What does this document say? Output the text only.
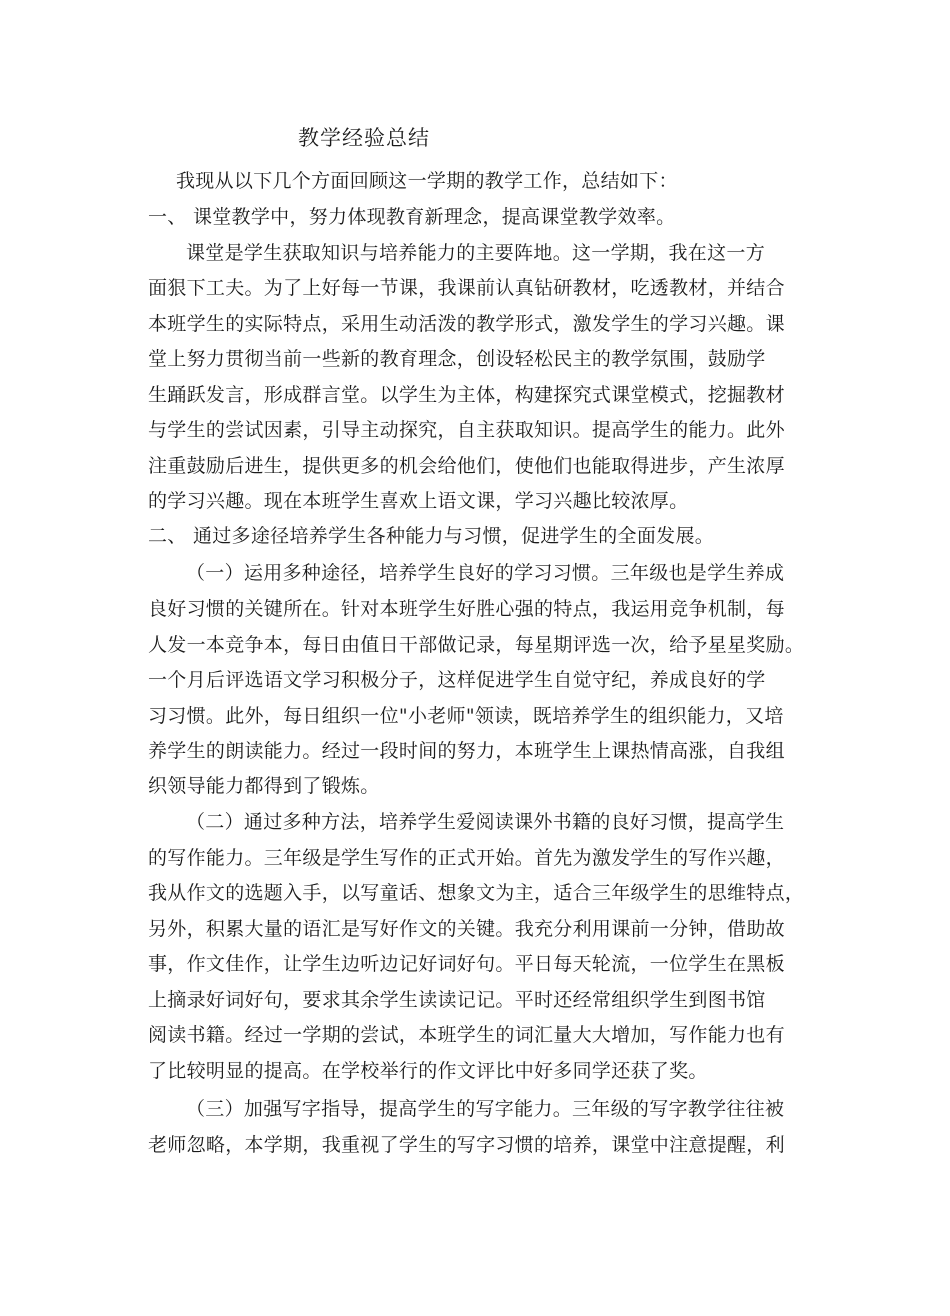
教学经验总结
我现从以下几个方面回顾这一学期的教学工作，总结如下：
一、 课堂教学中，努力体现教育新理念，提高课堂教学效率。
课堂是学生获取知识与培养能力的主要阵地。这一学期，我在这一方
面狠下工夫。为了上好每一节课，我课前认真钻研教材，吃透教材，并结合
本班学生的实际特点，采用生动活泼的教学形式，激发学生的学习兴趣。课
堂上努力贯彻当前一些新的教育理念，创设轻松民主的教学氛围，鼓励学
生踊跃发言，形成群言堂。以学生为主体，构建探究式课堂模式，挖掘教材
与学生的尝试因素，引导主动探究，自主获取知识。提高学生的能力。此外
注重鼓励后进生，提供更多的机会给他们，使他们也能取得进步，产生浓厚
的学习兴趣。现在本班学生喜欢上语文课，学习兴趣比较浓厚。
二、 通过多途径培养学生各种能力与习惯，促进学生的全面发展。
（一）运用多种途径，培养学生良好的学习习惯。三年级也是学生养成
良好习惯的关键所在。针对本班学生好胜心强的特点，我运用竞争机制，每
人发一本竞争本，每日由值日干部做记录，每星期评选一次，给予星星奖励。
一个月后评选语文学习积极分子，这样促进学生自觉守纪，养成良好的学
习习惯。此外，每日组织一位"小老师"领读，既培养学生的组织能力，又培
养学生的朗读能力。经过一段时间的努力，本班学生上课热情高涨，自我组
织领导能力都得到了锻炼。
（二）通过多种方法，培养学生爱阅读课外书籍的良好习惯，提高学生
的写作能力。三年级是学生写作的正式开始。首先为激发学生的写作兴趣，
我从作文的选题入手，以写童话、想象文为主，适合三年级学生的思维特点，
另外，积累大量的语汇是写好作文的关键。我充分利用课前一分钟，借助故
事，作文佳作，让学生边听边记好词好句。平日每天轮流，一位学生在黑板
上摘录好词好句，要求其余学生读读记记。平时还经常组织学生到图书馆
阅读书籍。经过一学期的尝试，本班学生的词汇量大大增加，写作能力也有
了比较明显的提高。在学校举行的作文评比中好多同学还获了奖。
（三）加强写字指导，提高学生的写字能力。三年级的写字教学往往被
老师忽略，本学期，我重视了学生的写字习惯的培养，课堂中注意提醒，利
